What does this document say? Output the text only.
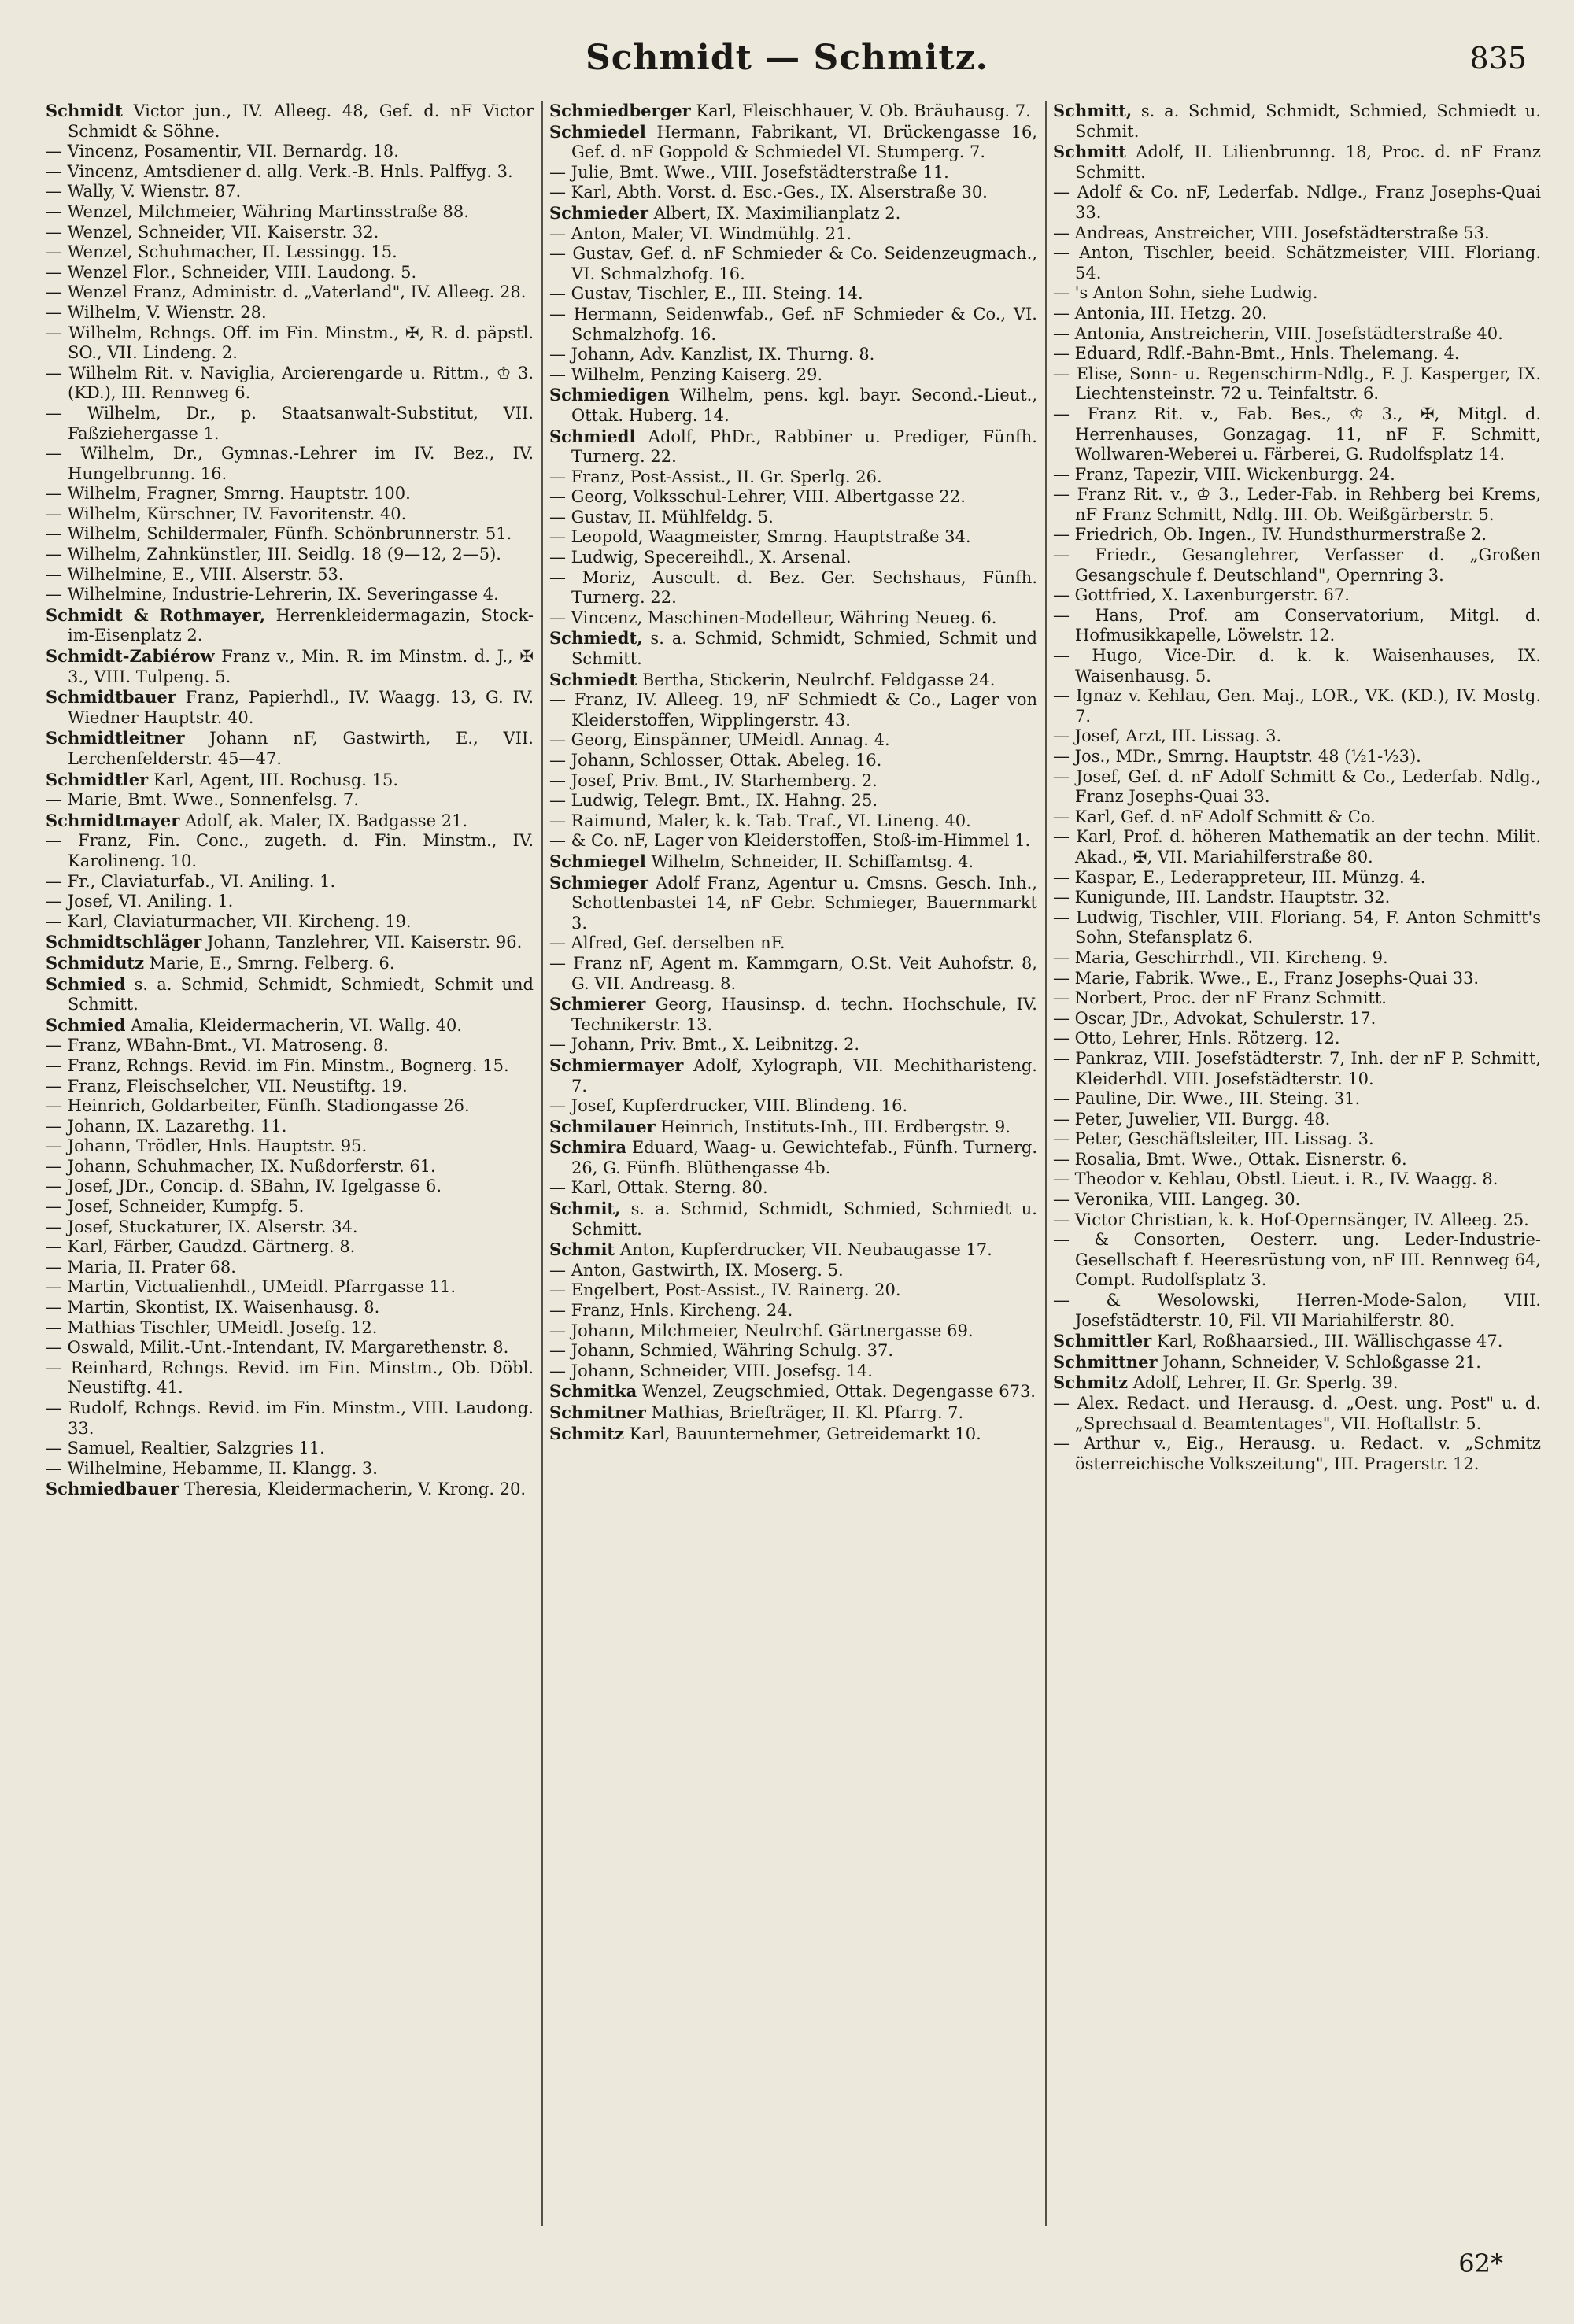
Schmidt — Schmitz.	835
Schmidt Victor jun., IV. Alleeg. 48, Gef. d. nF Victor Schmidt & Söhne.
— Vincenz, Posamentir, VII. Bernardg. 18.
— Vincenz, Amtsdiener d. allg. Verk.-B. Hnls. Palffyg. 3.
— Wally, V. Wienstr. 87.
— Wenzel, Milchmeier, Währing Martinsstraße 88.
— Wenzel, Schneider, VII. Kaiserstr. 32.
— Wenzel, Schuhmacher, II. Lessingg. 15.
— Wenzel Flor., Schneider, VIII. Laudong. 5.
— Wenzel Franz, Administr. d. „Vaterland", IV. Alleeg. 28.
— Wilhelm, V. Wienstr. 28.
— Wilhelm, Rchngs. Off. im Fin. Minstm., ✠, R. d. päpstl. SO., VII. Lindeng. 2.
— Wilhelm Rit. v. Naviglia, Arcierengarde u. Rittm., ♔ 3. (KD.), III. Rennweg 6.
— Wilhelm, Dr., p. Staatsanwalt-Substitut, VII. Faßziehergasse 1.
— Wilhelm, Dr., Gymnas.-Lehrer im IV. Bez., IV. Hungelbrunng. 16.
— Wilhelm, Fragner, Smrng. Hauptstr. 100.
— Wilhelm, Kürschner, IV. Favoritenstr. 40.
— Wilhelm, Schildermaler, Fünfh. Schönbrunnerstr. 51.
— Wilhelm, Zahnkünstler, III. Seidlg. 18 (9—12, 2—5).
— Wilhelmine, E., VIII. Alserstr. 53.
— Wilhelmine, Industrie-Lehrerin, IX. Severingasse 4.
Schmidt & Rothmayer, Herrenkleidermagazin, Stock-im-Eisenplatz 2.
Schmidt-Zabiérow Franz v., Min. R. im Minstm. d. J., ✠ 3., VIII. Tulpeng. 5.
Schmidtbauer Franz, Papierhdl., IV. Waagg. 13, G. IV. Wiedner Hauptstr. 40.
Schmidtleitner Johann nF, Gastwirth, E., VII. Lerchenfelderstr. 45—47.
Schmidtler Karl, Agent, III. Rochusg. 15.
— Marie, Bmt. Wwe., Sonnenfelsg. 7.
Schmidtmayer Adolf, ak. Maler, IX. Badgasse 21.
— Franz, Fin. Conc., zugeth. d. Fin. Minstm., IV. Karolineng. 10.
— Fr., Claviaturfab., VI. Aniling. 1.
— Josef, VI. Aniling. 1.
— Karl, Claviaturmacher, VII. Kircheng. 19.
Schmidtschläger Johann, Tanzlehrer, VII. Kaiserstr. 96.
Schmidutz Marie, E., Smrng. Felberg. 6.
Schmied s. a. Schmid, Schmidt, Schmiedt, Schmit und Schmitt.
Schmied Amalia, Kleidermacherin, VI. Wallg. 40.
— Franz, WBahn-Bmt., VI. Matroseng. 8.
— Franz, Rchngs. Revid. im Fin. Minstm., Bognerg. 15.
— Franz, Fleischselcher, VII. Neustiftg. 19.
— Heinrich, Goldarbeiter, Fünfh. Stadiongasse 26.
— Johann, IX. Lazarethg. 11.
— Johann, Trödler, Hnls. Hauptstr. 95.
— Johann, Schuhmacher, IX. Nußdorferstr. 61.
— Josef, JDr., Concip. d. SBahn, IV. Igelgasse 6.
— Josef, Schneider, Kumpfg. 5.
— Josef, Stuckaturer, IX. Alserstr. 34.
— Karl, Färber, Gaudzd. Gärtnerg. 8.
— Maria, II. Prater 68.
— Martin, Victualienhdl., UMeidl. Pfarrgasse 11.
— Martin, Skontist, IX. Waisenhausg. 8.
— Mathias Tischler, UMeidl. Josefg. 12.
— Oswald, Milit.-Unt.-Intendant, IV. Margarethenstr. 8.
— Reinhard, Rchngs. Revid. im Fin. Minstm., Ob. Döbl. Neustiftg. 41.
— Rudolf, Rchngs. Revid. im Fin. Minstm., VIII. Laudong. 33.
— Samuel, Realtier, Salzgries 11.
— Wilhelmine, Hebamme, II. Klangg. 3.
Schmiedbauer Theresia, Kleidermacherin, V. Krong. 20.
Schmiedberger Karl, Fleischhauer, V. Ob. Bräuhausg. 7.
Schmiedel Hermann, Fabrikant, VI. Brückengasse 16, Gef. d. nF Goppold & Schmiedel VI. Stumperg. 7.
— Julie, Bmt. Wwe., VIII. Josefstädterstraße 11.
— Karl, Abth. Vorst. d. Esc.-Ges., IX. Alserstraße 30.
Schmieder Albert, IX. Maximilianplatz 2.
— Anton, Maler, VI. Windmühlg. 21.
— Gustav, Gef. d. nF Schmieder & Co. Seidenzeugmach., VI. Schmalzhofg. 16.
— Gustav, Tischler, E., III. Steing. 14.
— Hermann, Seidenwfab., Gef. nF Schmieder & Co., VI. Schmalzhofg. 16.
— Johann, Adv. Kanzlist, IX. Thurng. 8.
— Wilhelm, Penzing Kaiserg. 29.
Schmiedigen Wilhelm, pens. kgl. bayr. Second.-Lieut., Ottak. Huberg. 14.
Schmiedl Adolf, PhDr., Rabbiner u. Prediger, Fünfh. Turnerg. 22.
— Franz, Post-Assist., II. Gr. Sperlg. 26.
— Georg, Volksschul-Lehrer, VIII. Albertgasse 22.
— Gustav, II. Mühlfeldg. 5.
— Leopold, Waagmeister, Smrng. Hauptstraße 34.
— Ludwig, Specereihdl., X. Arsenal.
— Moriz, Auscult. d. Bez. Ger. Sechshaus, Fünfh. Turnerg. 22.
— Vincenz, Maschinen-Modelleur, Währing Neueg. 6.
Schmiedt, s. a. Schmid, Schmidt, Schmied, Schmit und Schmitt.
Schmiedt Bertha, Stickerin, Neulrchf. Feldgasse 24.
— Franz, IV. Alleeg. 19, nF Schmiedt & Co., Lager von Kleiderstoffen, Wipplingerstr. 43.
— Georg, Einspänner, UMeidl. Annag. 4.
— Johann, Schlosser, Ottak. Abeleg. 16.
— Josef, Priv. Bmt., IV. Starhemberg. 2.
— Ludwig, Telegr. Bmt., IX. Hahng. 25.
— Raimund, Maler, k. k. Tab. Traf., VI. Lineng. 40.
— & Co. nF, Lager von Kleiderstoffen, Stoß-im-Himmel 1.
Schmiegel Wilhelm, Schneider, II. Schiffamtsg. 4.
Schmieger Adolf Franz, Agentur u. Cmsns. Gesch. Inh., Schottenbastei 14, nF Gebr. Schmieger, Bauernmarkt 3.
— Alfred, Gef. derselben nF.
— Franz nF, Agent m. Kammgarn, O.St. Veit Auhofstr. 8, G. VII. Andreasg. 8.
Schmierer Georg, Hausinsp. d. techn. Hochschule, IV. Technikerstr. 13.
— Johann, Priv. Bmt., X. Leibnitzg. 2.
Schmiermayer Adolf, Xylograph, VII. Mechitharisteng. 7.
— Josef, Kupferdrucker, VIII. Blindeng. 16.
Schmilauer Heinrich, Instituts-Inh., III. Erdbergstr. 9.
Schmira Eduard, Waag- u. Gewichtefab., Fünfh. Turnerg. 26, G. Fünfh. Blüthengasse 4b.
— Karl, Ottak. Sterng. 80.
Schmit, s. a. Schmid, Schmidt, Schmied, Schmiedt u. Schmitt.
Schmit Anton, Kupferdrucker, VII. Neubaugasse 17.
— Anton, Gastwirth, IX. Moserg. 5.
— Engelbert, Post-Assist., IV. Rainerg. 20.
— Franz, Hnls. Kircheng. 24.
— Johann, Milchmeier, Neulrchf. Gärtnergasse 69.
— Johann, Schmied, Währing Schulg. 37.
— Johann, Schneider, VIII. Josefsg. 14.
Schmitka Wenzel, Zeugschmied, Ottak. Degengasse 673.
Schmitner Mathias, Briefträger, II. Kl. Pfarrg. 7.
Schmitz Karl, Bauunternehmer, Getreidemarkt 10.
Schmitt, s. a. Schmid, Schmidt, Schmied, Schmiedt u. Schmit.
Schmitt Adolf, II. Lilienbrunng. 18, Proc. d. nF Franz Schmitt.
— Adolf & Co. nF, Lederfab. Ndlge., Franz Josephs-Quai 33.
— Andreas, Anstreicher, VIII. Josefstädterstraße 53.
— Anton, Tischler, beeid. Schätzmeister, VIII. Floriang. 54.
— 's Anton Sohn, siehe Ludwig.
— Antonia, III. Hetzg. 20.
— Antonia, Anstreicherin, VIII. Josefstädterstraße 40.
— Eduard, Rdlf.-Bahn-Bmt., Hnls. Thelemang. 4.
— Elise, Sonn- u. Regenschirm-Ndlg., F. J. Kasperger, IX. Liechtensteinstr. 72 u. Teinfaltstr. 6.
— Franz Rit. v., Fab. Bes., ♔ 3., ✠, Mitgl. d. Herrenhauses, Gonzagag. 11, nF F. Schmitt, Wollwaren-Weberei u. Färberei, G. Rudolfsplatz 14.
— Franz, Tapezir, VIII. Wickenburgg. 24.
— Franz Rit. v., ♔ 3., Leder-Fab. in Rehberg bei Krems, nF Franz Schmitt, Ndlg. III. Ob. Weißgärberstr. 5.
— Friedrich, Ob. Ingen., IV. Hundsthurmerstraße 2.
— Friedr., Gesanglehrer, Verfasser d. „Großen Gesangschule f. Deutschland", Opernring 3.
— Gottfried, X. Laxenburgerstr. 67.
— Hans, Prof. am Conservatorium, Mitgl. d. Hofmusikkapelle, Löwelstr. 12.
— Hugo, Vice-Dir. d. k. k. Waisenhauses, IX. Waisenhausg. 5.
— Ignaz v. Kehlau, Gen. Maj., LOR., VK. (KD.), IV. Mostg. 7.
— Josef, Arzt, III. Lissag. 3.
— Jos., MDr., Smrng. Hauptstr. 48 (½1-½3).
— Josef, Gef. d. nF Adolf Schmitt & Co., Lederfab. Ndlg., Franz Josephs-Quai 33.
— Karl, Gef. d. nF Adolf Schmitt & Co.
— Karl, Prof. d. höheren Mathematik an der techn. Milit. Akad., ✠, VII. Mariahilferstraße 80.
— Kaspar, E., Lederappreteur, III. Münzg. 4.
— Kunigunde, III. Landstr. Hauptstr. 32.
— Ludwig, Tischler, VIII. Floriang. 54, F. Anton Schmitt's Sohn, Stefansplatz 6.
— Maria, Geschirrhdl., VII. Kircheng. 9.
— Marie, Fabrik. Wwe., E., Franz Josephs-Quai 33.
— Norbert, Proc. der nF Franz Schmitt.
— Oscar, JDr., Advokat, Schulerstr. 17.
— Otto, Lehrer, Hnls. Rötzerg. 12.
— Pankraz, VIII. Josefstädterstr. 7, Inh. der nF P. Schmitt, Kleiderhdl. VIII. Josefstädterstr. 10.
— Pauline, Dir. Wwe., III. Steing. 31.
— Peter, Juwelier, VII. Burgg. 48.
— Peter, Geschäftsleiter, III. Lissag. 3.
— Rosalia, Bmt. Wwe., Ottak. Eisnerstr. 6.
— Theodor v. Kehlau, Obstl. Lieut. i. R., IV. Waagg. 8.
— Veronika, VIII. Langeg. 30.
— Victor Christian, k. k. Hof-Opernsänger, IV. Alleeg. 25.
— & Consorten, Oesterr. ung. Leder-Industrie-Gesellschaft f. Heeresrüstung von, nF III. Rennweg 64, Compt. Rudolfsplatz 3.
— & Wesolowski, Herren-Mode-Salon, VIII. Josefstädterstr. 10, Fil. VII Mariahilferstr. 80.
Schmittler Karl, Roßhaarsied., III. Wällischgasse 47.
Schmittner Johann, Schneider, V. Schloßgasse 21.
Schmitz Adolf, Lehrer, II. Gr. Sperlg. 39.
— Alex. Redact. und Herausg. d. „Oest. ung. Post" u. d. „Sprechsaal d. Beamtentages", VII. Hoftallstr. 5.
— Arthur v., Eig., Herausg. u. Redact. v. „Schmitz österreichische Volkszeitung", III. Pragerstr. 12.
62*
